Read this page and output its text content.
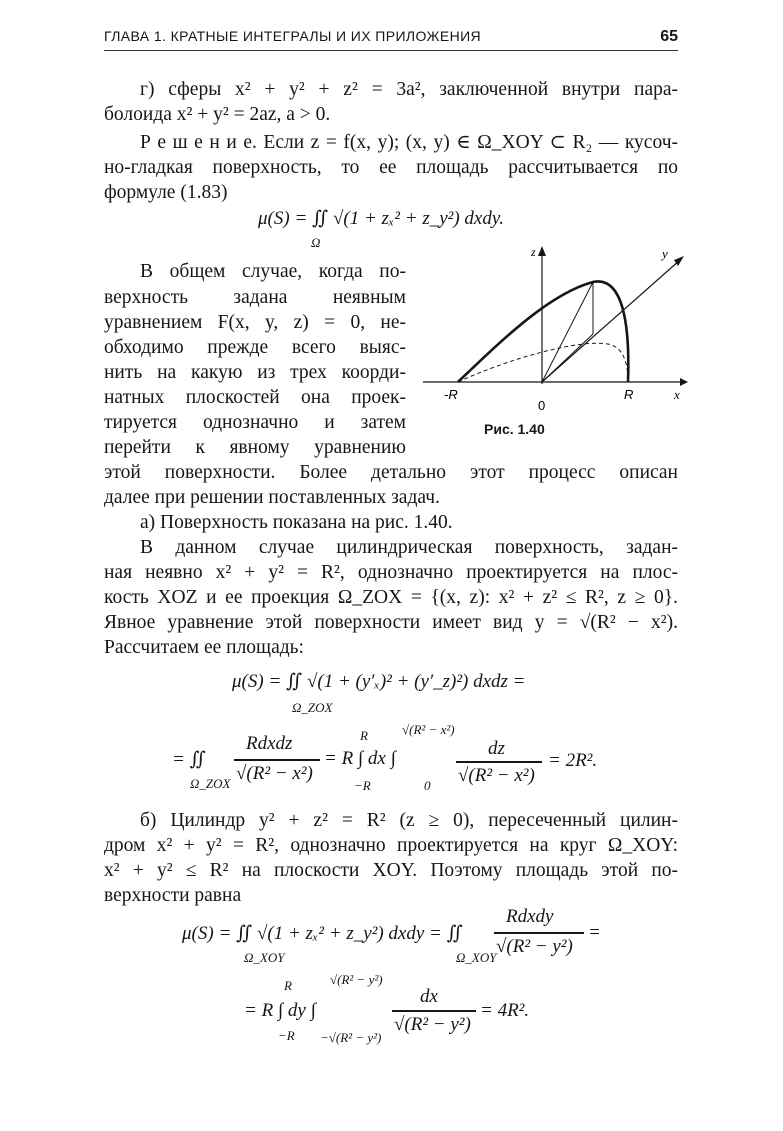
ГЛАВА 1. КРАТНЫЕ ИНТЕГРАЛЫ И ИХ ПРИЛОЖЕНИЯ	65
г) сферы x² + y² + z² = 3a², заключенной внутри пара-
болоида x² + y² = 2az, a > 0.
Р е ш е н и е. Если z = f(x, y); (x, y) ∈ Ω_XOY ⊂ R₂ — кусоч-
но-гладкая поверхность, то ее площадь рассчитывается по
формуле (1.83)
μ(S) = ∬ √(1 + zₓ² + z_y²) dxdy.
Ω
В общем случае, когда по-
верхность задана неявным
уравнением F(x, y, z) = 0, не-
обходимо прежде всего выяс-
нить на какую из трех коорди-
натных плоскостей она проек-
тируется однозначно и затем
перейти к явному уравнению
z	y
x
-R	R
0
Рис. 1.40
этой поверхности. Более детально этот процесс описан
далее при решении поставленных задач.
а) Поверхность показана на рис. 1.40.
В данном случае цилиндрическая поверхность, задан-
ная неявно x² + y² = R², однозначно проектируется на плос-
кость XOZ и ее проекция Ω_ZOX = {(x, z): x² + z² ≤ R², z ≥ 0}.
Явное уравнение этой поверхности имеет вид y = √(R² − x²).
Рассчитаем ее площадь:
μ(S) = ∬ √(1 + (y′ₓ)² + (y′_z)²) dxdz =
Ω_ZOX
= ∬
Ω_ZOX
Rdxdz
√(R² − x²)
= R ∫ dx ∫
R
−R
√(R² − x²)
0
dz
√(R² − x²)
= 2R².
б) Цилиндр y² + z² = R² (z ≥ 0), пересеченный цилин-
дром x² + y² = R², однозначно проектируется на круг Ω_XOY:
x² + y² ≤ R² на плоскости XOY. Поэтому площадь этой по-
верхности равна
μ(S) = ∬ √(1 + zₓ² + z_y²) dxdy = ∬
Ω_XOY	Ω_XOY
Rdxdy
√(R² − y²)
=
= R ∫ dy ∫
R
−R
√(R² − y²)
−√(R² − y²)
dx
√(R² − y²)
= 4R².
